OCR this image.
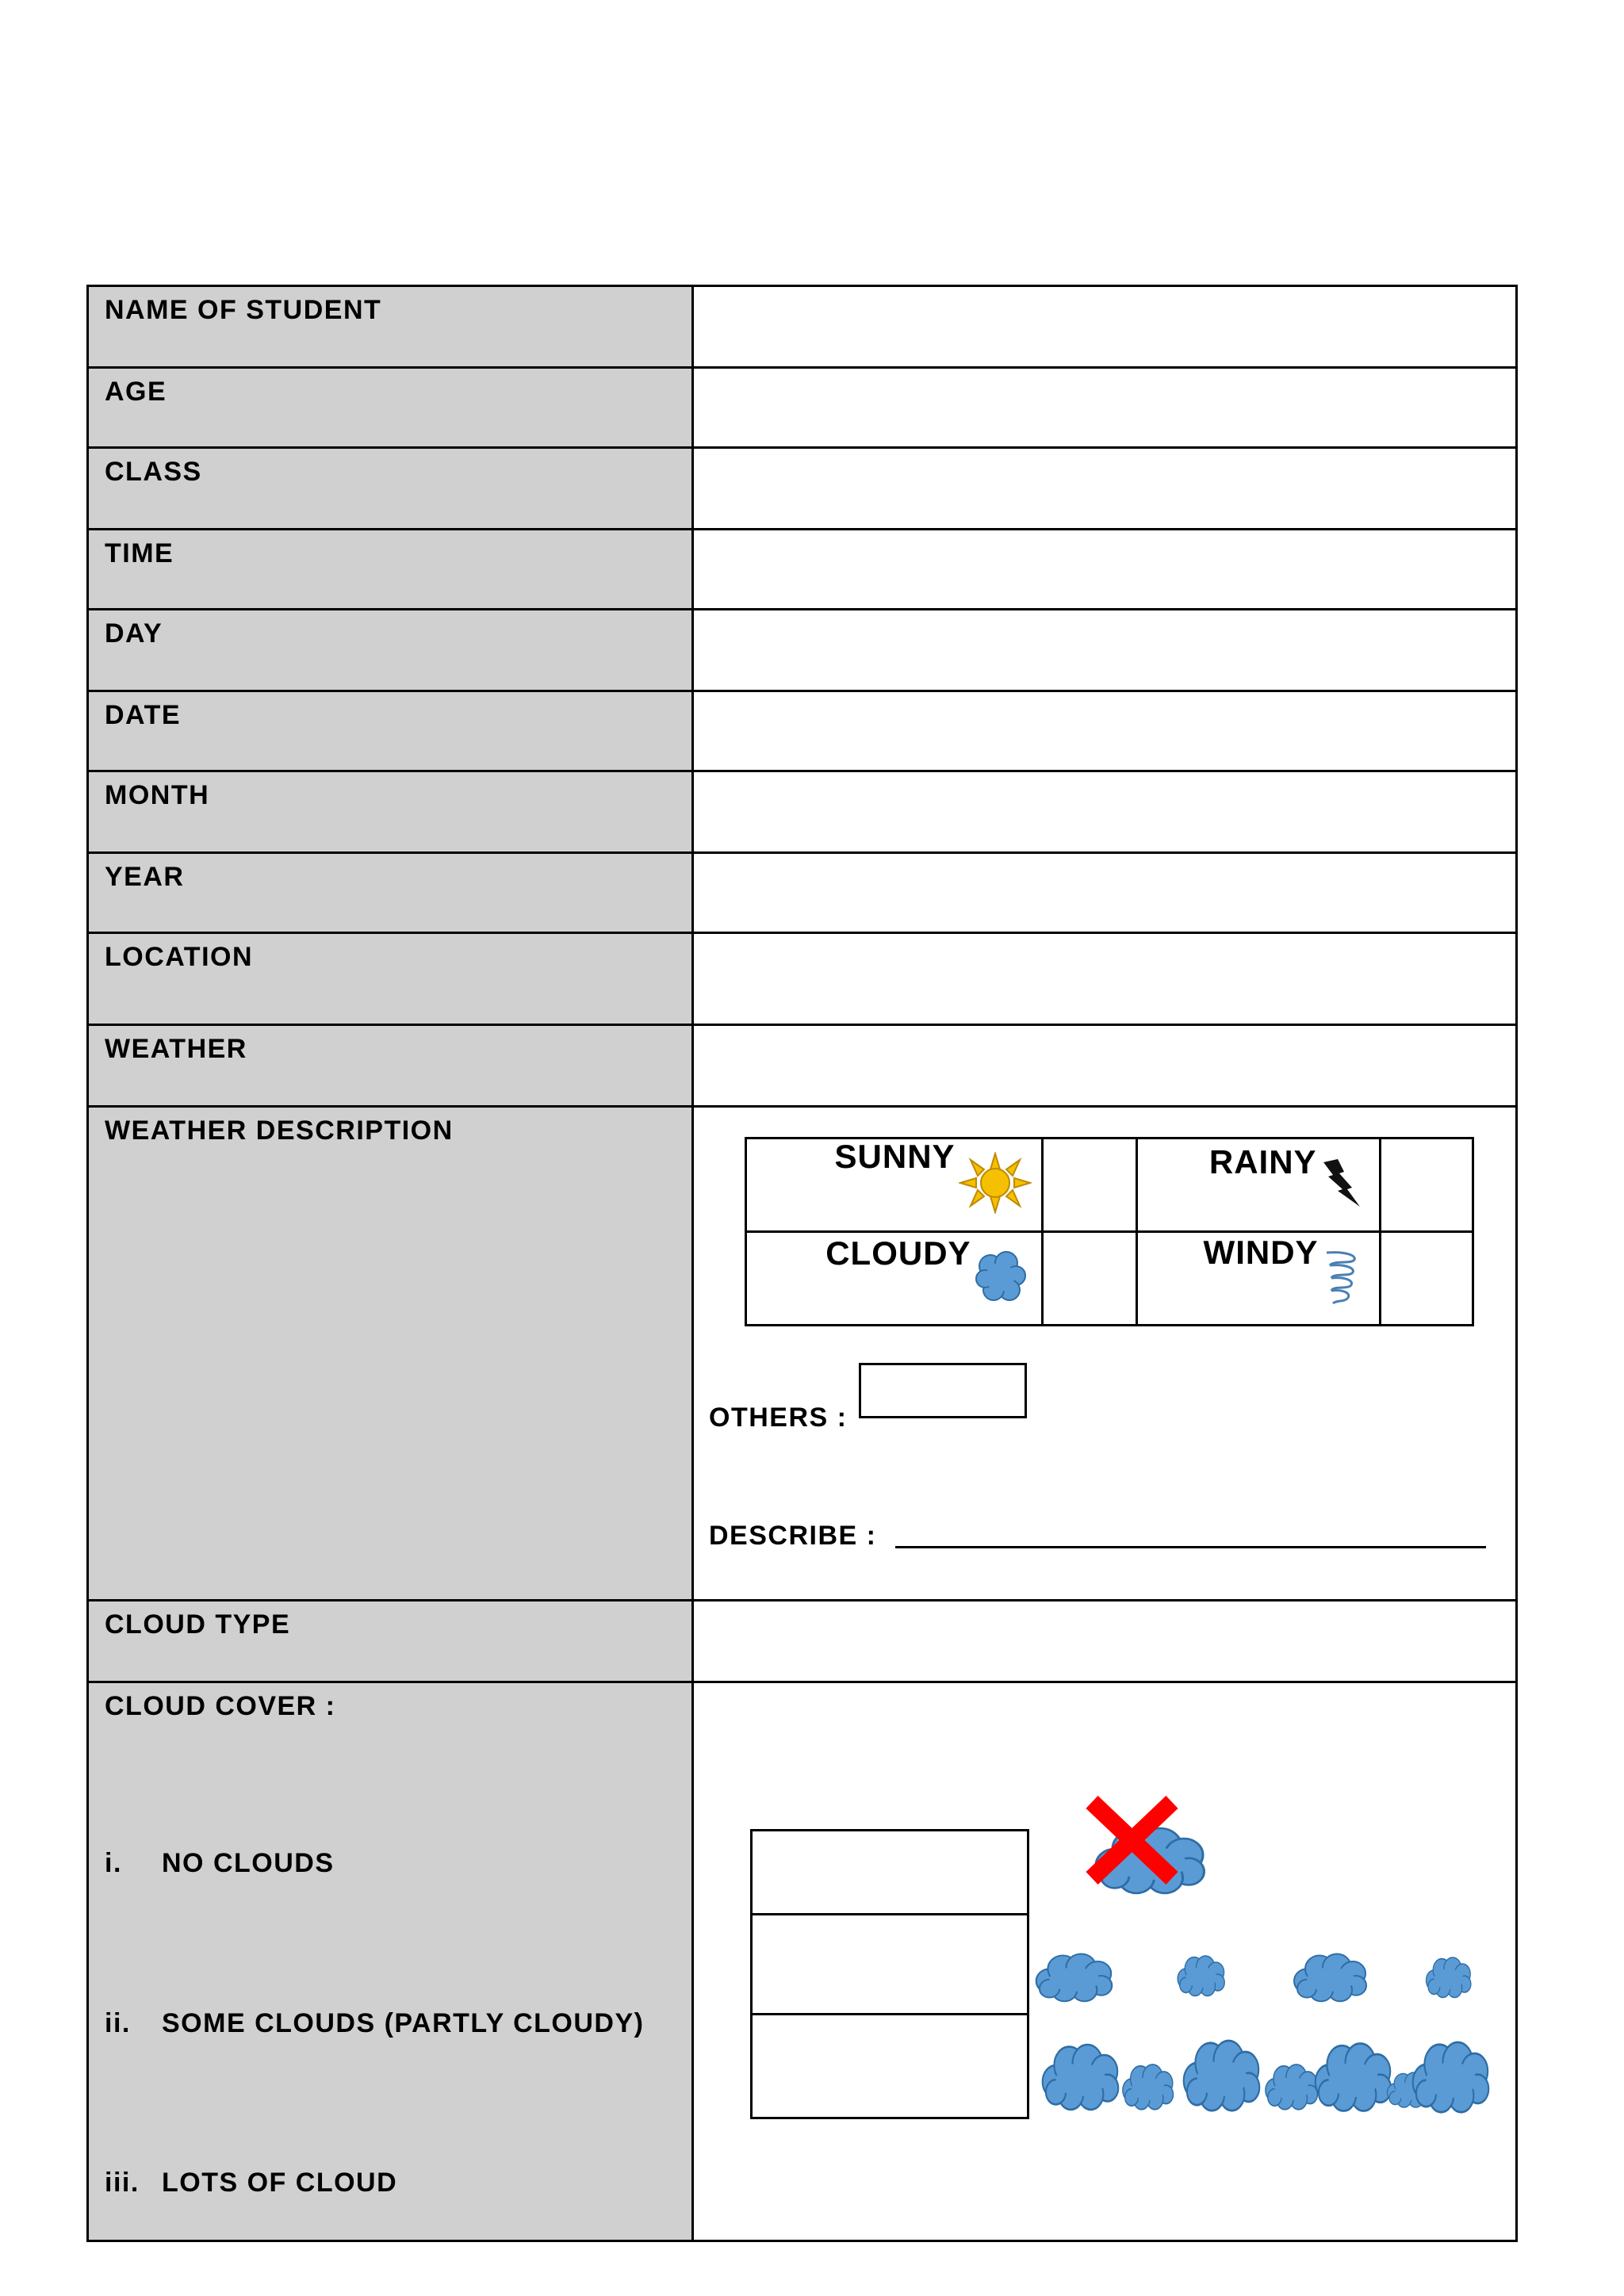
NAME OF STUDENT	
AGE	
CLASS	
TIME	
DAY	
DATE	
MONTH	
YEAR	
LOCATION	
WEATHER	
WEATHER DESCRIPTION	
SUNNY		RAINY	
CLOUDY		WINDY	
OTHERS :
DESCRIBE :

CLOUD TYPE	

CLOUD COVER :
i. NO CLOUDS
ii. SOME CLOUDS (PARTLY CLOUDY)
iii. LOTS OF CLOUD
